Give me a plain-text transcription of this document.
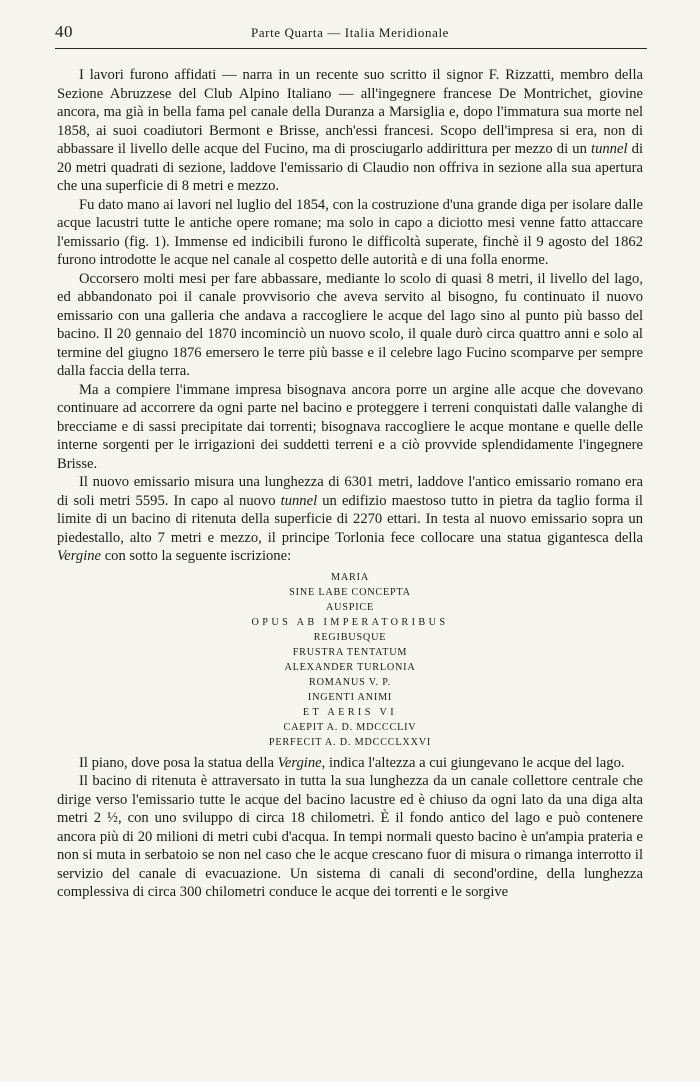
40	Parte Quarta — Italia Meridionale

I lavori furono affidati — narra in un recente suo scritto il signor F. Rizzatti, membro della Sezione Abruzzese del Club Alpino Italiano — all'ingegnere francese De Montrichet, giovine ancora, ma già in bella fama pel canale della Duranza a Marsiglia e, dopo l'immatura sua morte nel 1858, ai suoi coadiutori Bermont e Brisse, anch'essi francesi. Scopo dell'impresa si era, non di abbassare il livello delle acque del Fucino, ma di prosciugarlo addirittura per mezzo di un tunnel di 20 metri quadrati di sezione, laddove l'emissario di Claudio non offriva in sezione alla sua apertura che una superficie di 8 metri e mezzo.

Fu dato mano ai lavori nel luglio del 1854, con la costruzione d'una grande diga per isolare dalle acque lacustri tutte le antiche opere romane; ma solo in capo a diciotto mesi venne fatto attaccare l'emissario (fig. 1). Immense ed indicibili furono le difficoltà superate, finchè il 9 agosto del 1862 furono introdotte le acque nel canale al cospetto delle autorità e di una folla enorme.

Occorsero molti mesi per fare abbassare, mediante lo scolo di quasi 8 metri, il livello del lago, ed abbandonato poi il canale provvisorio che aveva servito al bisogno, fu continuato il nuovo emissario con una galleria che andava a raccogliere le acque del lago sino al punto più basso del bacino. Il 20 gennaio del 1870 incominciò un nuovo scolo, il quale durò circa quattro anni e solo al termine del giugno 1876 emersero le terre più basse e il celebre lago Fucino scomparve per sempre dalla faccia della terra.

Ma a compiere l'immane impresa bisognava ancora porre un argine alle acque che dovevano continuare ad accorrere da ogni parte nel bacino e proteggere i terreni conquistati dalle valanghe di brecciame e di sassi precipitate dai torrenti; bisognava raccogliere le acque montane e quelle delle interne sorgenti per le irrigazioni dei suddetti terreni e a ciò provvide splendidamente l'ingegnere Brisse.

Il nuovo emissario misura una lunghezza di 6301 metri, laddove l'antico emissario romano era di soli metri 5595. In capo al nuovo tunnel un edifizio maestoso tutto in pietra da taglio forma il limite di un bacino di ritenuta della superficie di 2270 ettari. In testa al nuovo emissario sopra un piedestallo, alto 7 metri e mezzo, il principe Torlonia fece collocare una statua gigantesca della Vergine con sotto la seguente iscrizione:

MARIA
SINE LABE CONCEPTA
AUSPICE
OPUS AB IMPERATORIBUS
REGIBUSQUE
FRUSTRA TENTATUM
ALEXANDER TURLONIA
ROMANUS V. P.
INGENTI ANIMI
ET AERIS VI
CAEPIT A. D. MDCCCLIV
PERFECIT A. D. MDCCCLXXVI

Il piano, dove posa la statua della Vergine, indica l'altezza a cui giungevano le acque del lago.

Il bacino di ritenuta è attraversato in tutta la sua lunghezza da un canale collettore centrale che dirige verso l'emissario tutte le acque del bacino lacustre ed è chiuso da ogni lato da una diga alta metri 2 ½, con uno sviluppo di circa 18 chilometri. È il fondo antico del lago e può contenere ancora più di 20 milioni di metri cubi d'acqua. In tempi normali questo bacino è un'ampia prateria e non si muta in serbatoio se non nel caso che le acque crescano fuor di misura o rimanga interrotto il servizio del canale di evacuazione. Un sistema di canali di second'ordine, della lunghezza complessiva di circa 300 chilometri conduce le acque dei torrenti e le sorgive
